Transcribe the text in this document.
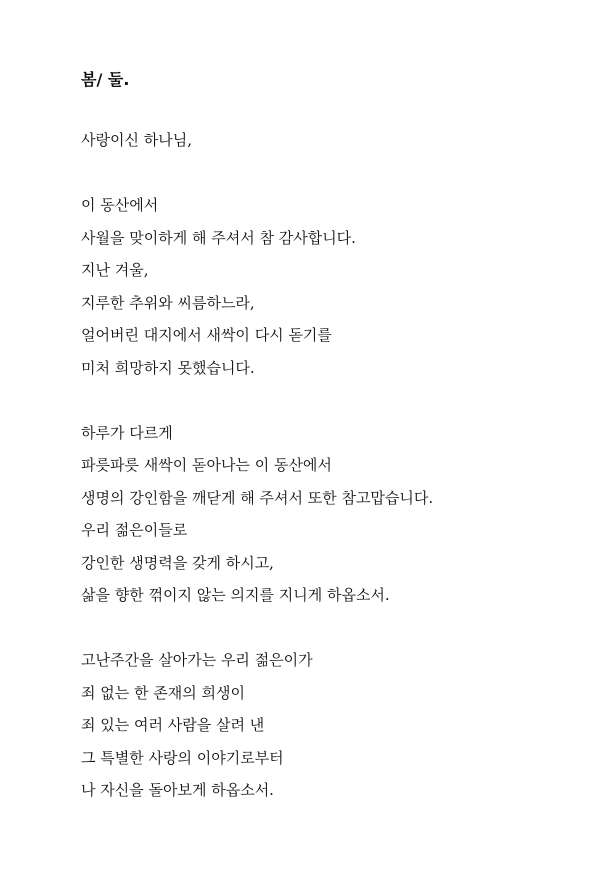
봄/ 둘.
사랑이신 하나님,
이 동산에서
사월을 맞이하게 해 주셔서 참 감사합니다.
지난 겨울,
지루한 추위와 씨름하느라,
얼어버린 대지에서 새싹이 다시 돋기를
미처 희망하지 못했습니다.
하루가 다르게
파릇파릇 새싹이 돋아나는 이 동산에서
생명의 강인함을 깨닫게 해 주셔서 또한 참고맙습니다.
우리 젊은이들로
강인한 생명력을 갖게 하시고,
삶을 향한 꺾이지 않는 의지를 지니게 하옵소서.
고난주간을 살아가는 우리 젊은이가
죄 없는 한 존재의 희생이
죄 있는 여러 사람을 살려 낸
그 특별한 사랑의 이야기로부터
나 자신을 돌아보게 하옵소서.
